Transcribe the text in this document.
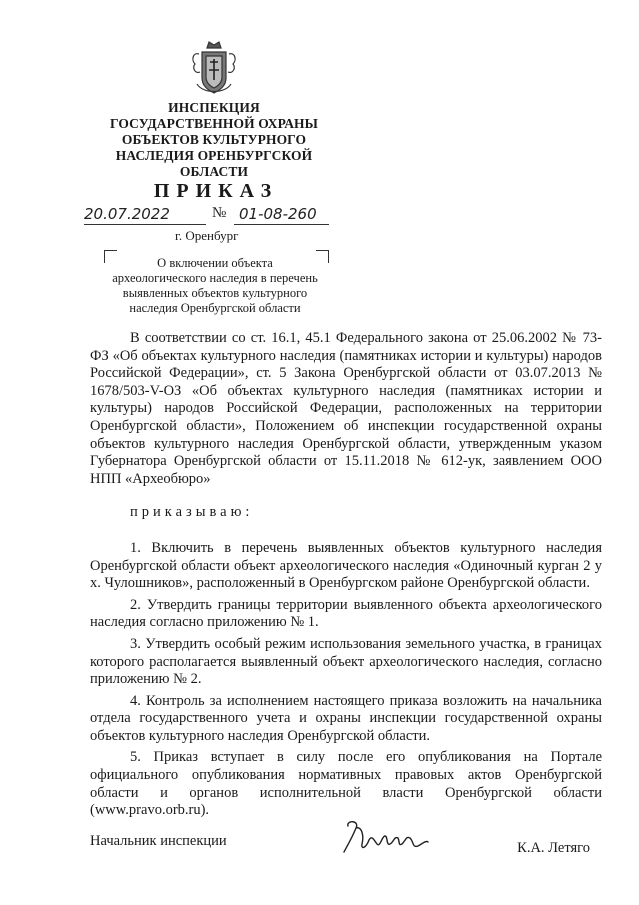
ИНСПЕКЦИЯ
ГОСУДАРСТВЕННОЙ ОХРАНЫ
ОБЪЕКТОВ КУЛЬТУРНОГО
НАСЛЕДИЯ ОРЕНБУРГСКОЙ
ОБЛАСТИ
ПРИКАЗ
20.07.2022	№ 01-08-260
г. Оренбург
О включении объекта
археологического наследия в перечень
выявленных объектов культурного
наследия Оренбургской области

В соответствии со ст. 16.1, 45.1 Федерального закона от 25.06.2002 № 73-ФЗ «Об объектах культурного наследия (памятниках истории и культуры) народов Российской Федерации», ст. 5 Закона Оренбургской области от 03.07.2013 № 1678/503-V-ОЗ «Об объектах культурного наследия (памятниках истории и культуры) народов Российской Федерации, расположенных на территории Оренбургской области», Положением об инспекции государственной охраны объектов культурного наследия Оренбургской области, утвержденным указом Губернатора Оренбургской области от 15.11.2018 № 612-ук, заявлением ООО НПП «Археобюро»

приказываю:

1. Включить в перечень выявленных объектов культурного наследия Оренбургской области объект археологического наследия «Одиночный курган 2 у х. Чулошников», расположенный в Оренбургском районе Оренбургской области.

2. Утвердить границы территории выявленного объекта археологического наследия согласно приложению № 1.

3. Утвердить особый режим использования земельного участка, в границах которого располагается выявленный объект археологического наследия, согласно приложению № 2.

4. Контроль за исполнением настоящего приказа возложить на начальника отдела государственного учета и охраны инспекции государственной охраны объектов культурного наследия Оренбургской области.

5. Приказ вступает в силу после его опубликования на Портале официального опубликования нормативных правовых актов Оренбургской области и органов исполнительной власти Оренбургской области (www.pravo.orb.ru).

Начальник инспекции	К.А. Летяго
